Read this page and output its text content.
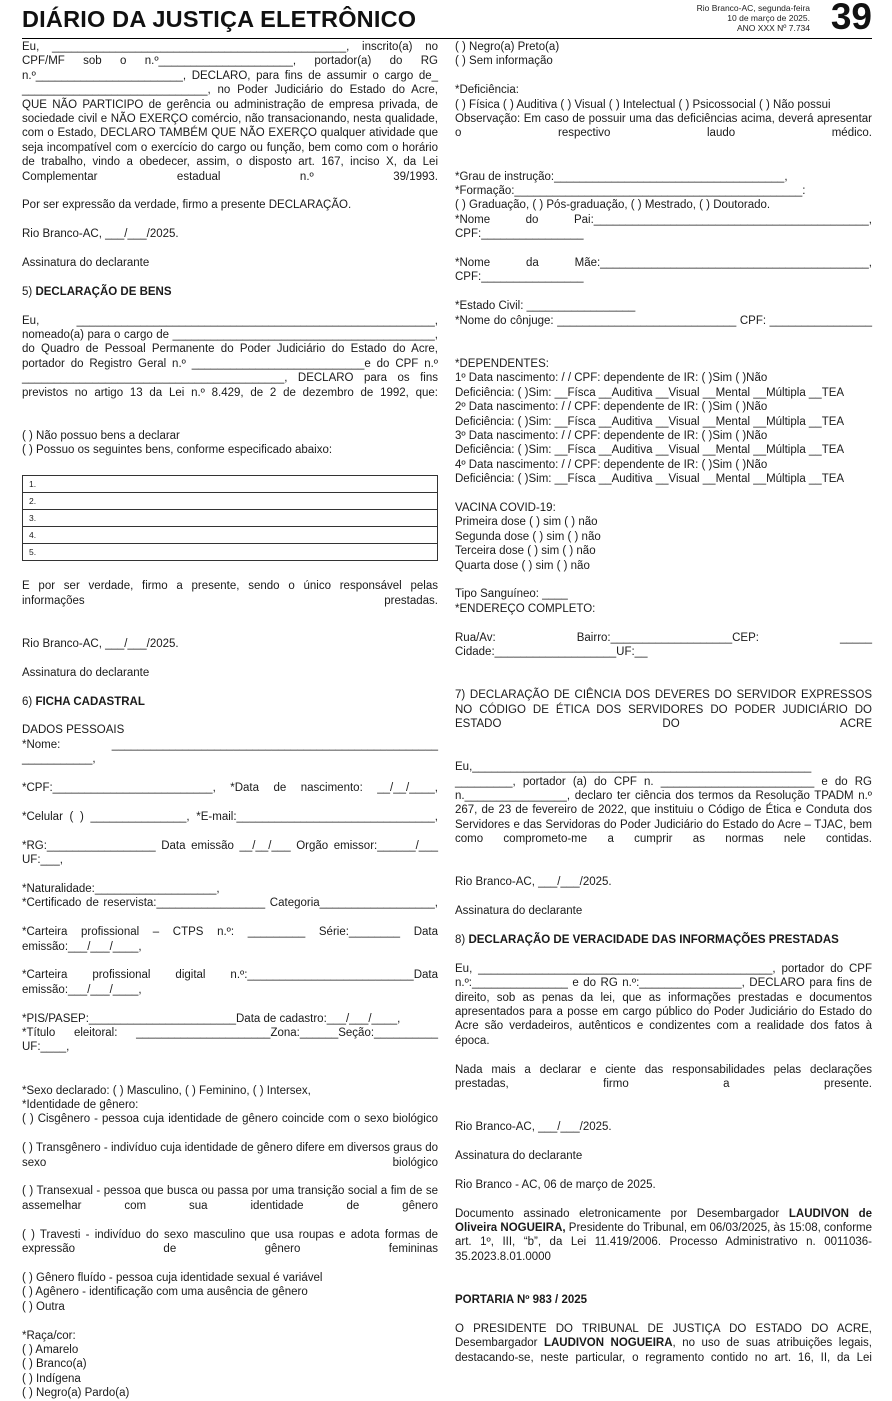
DIÁRIO DA JUSTIÇA ELETRÔNICO	Rio Branco-AC, segunda-feira
10 de março de 2025.
ANO XXX Nº 7.734 39
Eu, ______________________________________________, inscrito(a) no CPF/MF sob o n.º_____________________, portador(a) do RG n.º_______________________, DECLARO, para fins de assumir o cargo de_ _____________________________, no Poder Judiciário do Estado do Acre, QUE NÃO PARTICIPO de gerência ou administração de empresa privada, de sociedade civil e NÃO EXERÇO comércio, não transacionando, nesta qualidade, com o Estado, DECLARO TAMBÉM QUE NÃO EXERÇO qualquer atividade que seja incompatível com o exercício do cargo ou função, bem como com o horário de trabalho, vindo a obedecer, assim, o disposto art. 167, inciso X, da Lei Complementar estadual n.º 39/1993.
Por ser expressão da verdade, firmo a presente DECLARAÇÃO.
Rio Branco-AC, ___/___/2025.
Assinatura do declarante
5) DECLARAÇÃO DE BENS
Eu, ________________________________________________________, nomeado(a) para o cargo de _________________________________________, do Quadro de Pessoal Permanente do Poder Judiciário do Estado do Acre, portador do Registro Geral n.º ___________________________e do CPF n.º _________________________________________, DECLARO para os fins previstos no artigo 13 da Lei n.º 8.429, de 2 de dezembro de 1992, que:
( ) Não possuo bens a declarar
( ) Possuo os seguintes bens, conforme especificado abaixo:
1.
2.
3.
4.
5.
E por ser verdade, firmo a presente, sendo o único responsável pelas informações prestadas.
Rio Branco-AC, ___/___/2025.
Assinatura do declarante
6) FICHA CADASTRAL
DADOS PESSOAIS
*Nome: ___________________________________________________ ___________,
*CPF:_________________________, *Data de nascimento: __/__/____,
*Celular ( ) _______________, *E-mail:_______________________________,
*RG:_________________ Data emissão __/__/___ Orgão emissor:______/___ UF:___,
*Naturalidade:___________________,
*Certificado de reservista:_________________ Categoria__________________,
*Carteira profissional – CTPS n.º: _________ Série:________ Data emissão:___/___/____,
*Carteira profissional digital n.º:__________________________Data emissão:___/___/____,
*PIS/PASEP:_______________________Data de cadastro:___/___/____,
*Título eleitoral: _____________________Zona:______Seção:__________ UF:____,
*Sexo declarado: ( ) Masculino, ( ) Feminino, ( ) Intersex,
*Identidade de gênero:
( ) Cisgênero - pessoa cuja identidade de gênero coincide com o sexo biológico
( ) Transgênero - indivíduo cuja identidade de gênero difere em diversos graus do sexo biológico
( ) Transexual - pessoa que busca ou passa por uma transição social a fim de se assemelhar com sua identidade de gênero
( ) Travesti - indivíduo do sexo masculino que usa roupas e adota formas de expressão de gênero femininas
( ) Gênero fluído - pessoa cuja identidade sexual é variável
( ) Agênero - identificação com uma ausência de gênero
( ) Outra
*Raça/cor:
( ) Amarelo
( ) Branco(a)
( ) Indígena
( ) Negro(a) Pardo(a)
( ) Negro(a) Preto(a)
( ) Sem informação
*Deficiência:
( ) Física ( ) Auditiva ( ) Visual ( ) Intelectual ( ) Psicossocial ( ) Não possui
Observação: Em caso de possuir uma das deficiências acima, deverá apresentar o respectivo laudo médico.
*Grau de instrução:____________________________________,
*Formação:_____________________________________________:
( ) Graduação, ( ) Pós-graduação, ( ) Mestrado, ( ) Doutorado.
*Nome do Pai:___________________________________________, CPF:________________
*Nome da Mãe:__________________________________________, CPF:________________
*Estado Civil: _________________
*Nome do cônjuge: ____________________________ CPF: ________________
*DEPENDENTES:
1º Data nascimento: / / CPF: dependente de IR: ( )Sim ( )Não
Deficiência: ( )Sim: __Físca __Auditiva __Visual __Mental __Múltipla __TEA
2º Data nascimento: / / CPF: dependente de IR: ( )Sim ( )Não
Deficiência: ( )Sim: __Físca __Auditiva __Visual __Mental __Múltipla __TEA
3º Data nascimento: / / CPF: dependente de IR: ( )Sim ( )Não
Deficiência: ( )Sim: __Físca __Auditiva __Visual __Mental __Múltipla __TEA
4º Data nascimento: / / CPF: dependente de IR: ( )Sim ( )Não
Deficiência: ( )Sim: __Físca __Auditiva __Visual __Mental __Múltipla __TEA
VACINA COVID-19:
Primeira dose ( ) sim ( ) não
Segunda dose ( ) sim ( ) não
Terceira dose ( ) sim ( ) não
Quarta dose ( ) sim ( ) não
Tipo Sanguíneo: ____
*ENDEREÇO COMPLETO:
Rua/Av: Bairro:___________________CEP: _____ Cidade:___________________UF:__
7) DECLARAÇÃO DE CIÊNCIA DOS DEVERES DO SERVIDOR EXPRESSOS NO CÓDIGO DE ÉTICA DOS SERVIDORES DO PODER JUDICIÁRIO DO ESTADO DO ACRE
Eu,_____________________________________________________ _________, portador (a) do CPF n. ________________________ e do RG n.________________, declaro ter ciência dos termos da Resolução TPADM n.º 267, de 23 de fevereiro de 2022, que instituiu o Código de Ética e Conduta dos Servidores e das Servidoras do Poder Judiciário do Estado do Acre – TJAC, bem como comprometo-me a cumprir as normas nele contidas.
Rio Branco-AC, ___/___/2025.
Assinatura do declarante
8) DECLARAÇÃO DE VERACIDADE DAS INFORMAÇÕES PRESTADAS
Eu, ______________________________________________, portador do CPF n.º:_______________ e do RG n.º:________________, DECLARO para fins de direito, sob as penas da lei, que as informações prestadas e documentos apresentados para a posse em cargo público do Poder Judiciário do Estado do Acre são verdadeiros, autênticos e condizentes com a realidade dos fatos à época.
Nada mais a declarar e ciente das responsabilidades pelas declarações prestadas, firmo a presente.
Rio Branco-AC, ___/___/2025.
Assinatura do declarante
Rio Branco - AC, 06 de março de 2025.
Documento assinado eletronicamente por Desembargador LAUDIVON de Oliveira NOGUEIRA, Presidente do Tribunal, em 06/03/2025, às 15:08, conforme art. 1º, III, “b”, da Lei 11.419/2006. Processo Administrativo n. 0011036-35.2023.8.01.0000
PORTARIA Nº 983 / 2025
O PRESIDENTE DO TRIBUNAL DE JUSTIÇA DO ESTADO DO ACRE, Desembargador LAUDIVON NOGUEIRA, no uso de suas atribuições legais, destacando-se, neste particular, o regramento contido no art. 16, II, da Lei
